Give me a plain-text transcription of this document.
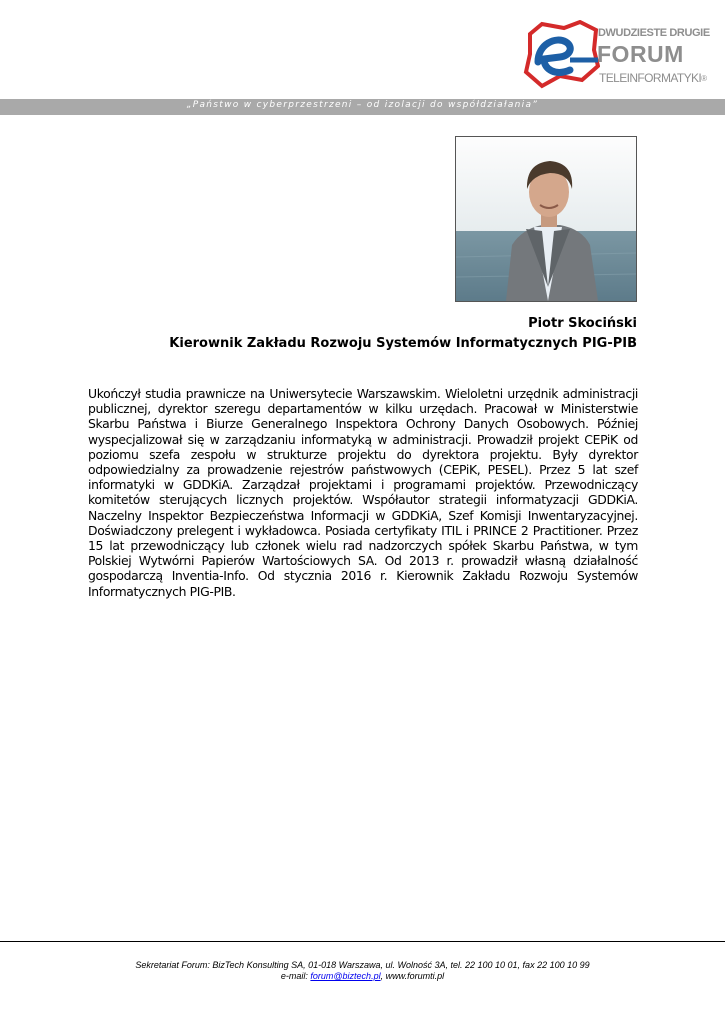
DWUDZIESTE DRUGIE
FORUM
TELEINFORMATYKI®
„Państwo w cyberprzestrzeni – od izolacji do współdziałania”
Piotr Skociński
Kierownik Zakładu Rozwoju Systemów Informatycznych PIG-PIB
Ukończył studia prawnicze na Uniwersytecie Warszawskim. Wieloletni urzędnik administracji publicznej, dyrektor szeregu departamentów w kilku urzędach. Pracował w Ministerstwie Skarbu Państwa i Biurze Generalnego Inspektora Ochrony Danych Osobowych. Później wyspecjalizował się w zarządzaniu informatyką w administracji. Prowadził projekt CEPiK od poziomu szefa zespołu w strukturze projektu do dyrektora projektu. Były dyrektor odpowiedzialny za prowadzenie rejestrów państwowych (CEPiK, PESEL). Przez 5 lat szef informatyki w GDDKiA. Zarządzał projektami i programami projektów. Przewodniczący komitetów sterujących licznych projektów. Współautor strategii informatyzacji GDDKiA. Naczelny Inspektor Bezpieczeństwa Informacji w GDDKiA, Szef Komisji Inwentaryzacyjnej. Doświadczony prelegent i wykładowca. Posiada certyfikaty ITIL i PRINCE 2 Practitioner. Przez 15 lat przewodniczący lub członek wielu rad nadzorczych spółek Skarbu Państwa, w tym Polskiej Wytwórni Papierów Wartościowych SA. Od 2013 r. prowadził własną działalność gospodarczą Inventia-Info. Od stycznia 2016 r. Kierownik Zakładu Rozwoju Systemów Informatycznych PIG-PIB.
Sekretariat Forum: BizTech Konsulting SA, 01-018 Warszawa, ul. Wolność 3A, tel. 22 100 10 01, fax 22 100 10 99
e-mail: forum@biztech.pl, www.forumti.pl
